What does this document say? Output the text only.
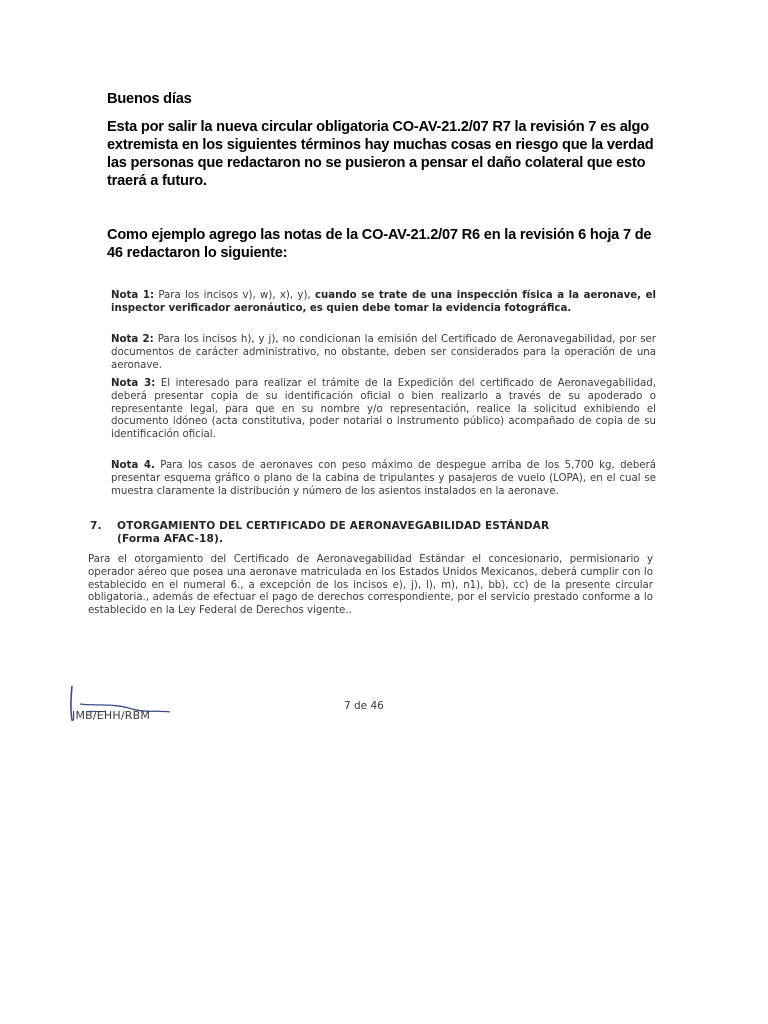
Buenos días

Esta por salir la nueva circular obligatoria CO-AV-21.2/07 R7 la revisión 7 es algo extremista en los siguientes términos hay muchas cosas en riesgo que la verdad las personas que redactaron no se pusieron a pensar el daño colateral que esto traerá a futuro.

Como ejemplo agrego las notas de la CO-AV-21.2/07 R6 en la revisión 6 hoja 7 de 46 redactaron lo siguiente:

Nota 1: Para los incisos v), w), x), y), cuando se trate de una inspección física a la aeronave, el inspector verificador aeronáutico, es quien debe tomar la evidencia fotográfica.

Nota 2: Para los incisos h), y j), no condicionan la emisión del Certificado de Aeronavegabilidad, por ser documentos de carácter administrativo, no obstante, deben ser considerados para la operación de una aeronave.

Nota 3: El interesado para realizar el trámite de la Expedición del certificado de Aeronavegabilidad, deberá presentar copia de su identificación oficial o bien realizarlo a través de su apoderado o representante legal, para que en su nombre y/o representación, realice la solicitud exhibiendo el documento idóneo (acta constitutiva, poder notarial o instrumento público) acompañado de copia de su identificación oficial.

Nota 4. Para los casos de aeronaves con peso máximo de despegue arriba de los 5,700 kg, deberá presentar esquema gráfico o plano de la cabina de tripulantes y pasajeros de vuelo (LOPA), en el cual se muestra claramente la distribución y número de los asientos instalados en la aeronave.

7. OTORGAMIENTO DEL CERTIFICADO DE AERONAVEGABILIDAD ESTÁNDAR
(Forma AFAC-18).

Para el otorgamiento del Certificado de Aeronavegabilidad Estándar el concesionario, permisionario y operador aéreo que posea una aeronave matriculada en los Estados Unidos Mexicanos, deberá cumplir con lo establecido en el numeral 6., a excepción de los incisos e), j), l), m), n1), bb), cc) de la presente circular obligatoria., además de efectuar el pago de derechos correspondiente, por el servicio prestado conforme a lo establecido en la Ley Federal de Derechos vigente..

7 de 46
JMB/EHH/RBM
